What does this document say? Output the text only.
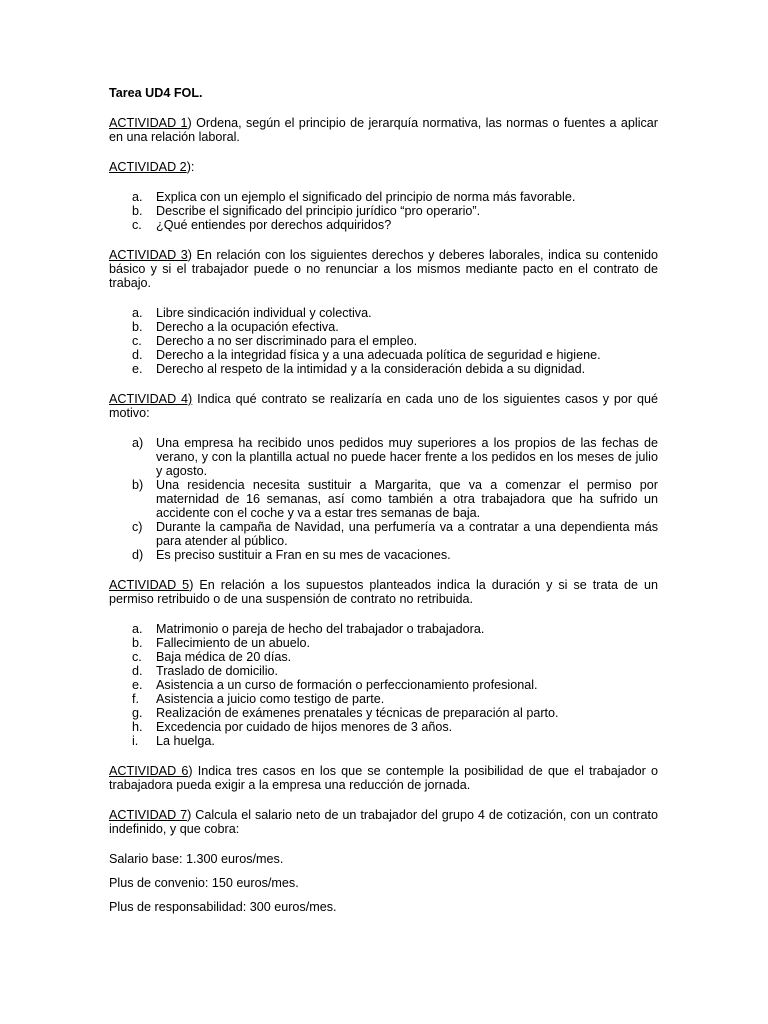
Tarea UD4 FOL.

ACTIVIDAD 1) Ordena, según el principio de jerarquía normativa, las normas o fuentes a aplicar en una relación laboral.

ACTIVIDAD 2):

a. Explica con un ejemplo el significado del principio de norma más favorable.
b. Describe el significado del principio jurídico “pro operario”.
c. ¿Qué entiendes por derechos adquiridos?

ACTIVIDAD 3) En relación con los siguientes derechos y deberes laborales, indica su contenido básico y si el trabajador puede o no renunciar a los mismos mediante pacto en el contrato de trabajo.

a. Libre sindicación individual y colectiva.
b. Derecho a la ocupación efectiva.
c. Derecho a no ser discriminado para el empleo.
d. Derecho a la integridad física y a una adecuada política de seguridad e higiene.
e. Derecho al respeto de la intimidad y a la consideración debida a su dignidad.

ACTIVIDAD 4) Indica qué contrato se realizaría en cada uno de los siguientes casos y por qué motivo:

a) Una empresa ha recibido unos pedidos muy superiores a los propios de las fechas de verano, y con la plantilla actual no puede hacer frente a los pedidos en los meses de julio y agosto.
b) Una residencia necesita sustituir a Margarita, que va a comenzar el permiso por maternidad de 16 semanas, así como también a otra trabajadora que ha sufrido un accidente con el coche y va a estar tres semanas de baja.
c) Durante la campaña de Navidad, una perfumería va a contratar a una dependienta más para atender al público.
d) Es preciso sustituir a Fran en su mes de vacaciones.

ACTIVIDAD 5) En relación a los supuestos planteados indica la duración y si se trata de un permiso retribuido o de una suspensión de contrato no retribuida.

a. Matrimonio o pareja de hecho del trabajador o trabajadora.
b. Fallecimiento de un abuelo.
c. Baja médica de 20 días.
d. Traslado de domicilio.
e. Asistencia a un curso de formación o perfeccionamiento profesional.
f. Asistencia a juicio como testigo de parte.
g. Realización de exámenes prenatales y técnicas de preparación al parto.
h. Excedencia por cuidado de hijos menores de 3 años.
i. La huelga.

ACTIVIDAD 6) Indica tres casos en los que se contemple la posibilidad de que el trabajador o trabajadora pueda exigir a la empresa una reducción de jornada.

ACTIVIDAD 7) Calcula el salario neto de un trabajador del grupo 4 de cotización, con un contrato indefinido, y que cobra:

Salario base: 1.300 euros/mes.

Plus de convenio: 150 euros/mes.

Plus de responsabilidad: 300 euros/mes.
